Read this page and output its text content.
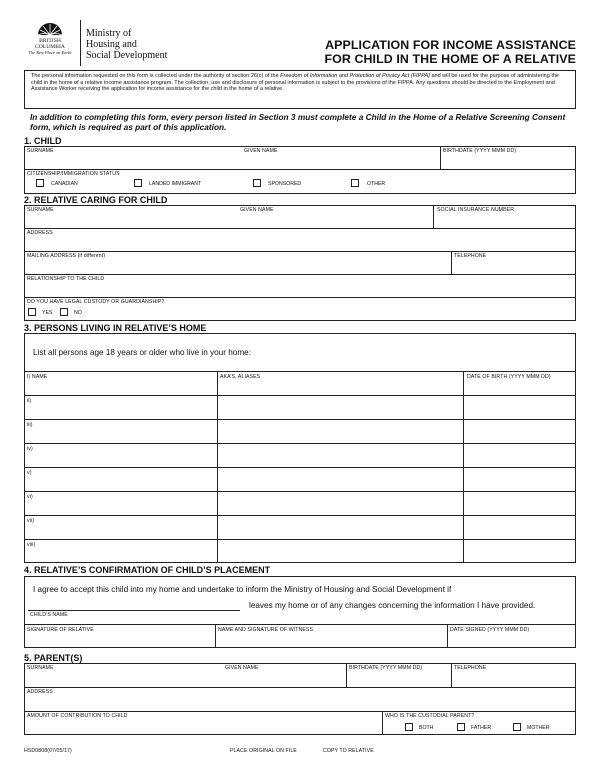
BRITISH
COLUMBIA
The Best Place on Earth
Ministry of
Housing and
Social Development
APPLICATION FOR INCOME ASSISTANCE
FOR CHILD IN THE HOME OF A RELATIVE
The personal information requested on this form is collected under the authority of section 26(c) of the Freedom of Information and Protection of Privacy Act (FIPPA) and will be used for the purpose of administering the child in the home of a relative income assistance program. The collection, use and disclosure of personal information is subject to the provisions of the FIPPA. Any questions should be directed to the Employment and Assistance Worker receiving the application for income assistance for the child in the home of a relative.
In addition to completing this form, every person listed in Section 3 must complete a Child in the Home of a Relative Screening Consent form, which is required as part of this application.
1. CHILD
SURNAME	GIVEN NAME	BIRTHDATE (YYYY MMM DD)
CITIZENSHIP/IMMIGRATION STATUS
CANADIAN	LANDED IMMIGRANT	SPONSORED	OTHER
2. RELATIVE CARING FOR CHILD
SURNAME	GIVEN NAME	SOCIAL INSURANCE NUMBER
ADDRESS
MAILING ADDRESS (if different)	TELEPHONE
RELATIONSHIP TO THE CHILD
DO YOU HAVE LEGAL CUSTODY OR GUARDIANSHIP?
YES	NO
3. PERSONS LIVING IN RELATIVE’S HOME
List all persons age 18 years or older who live in your home:
I) NAME	AKA’S, ALIASES	DATE OF BIRTH (YYYY MMM DD)
ii)
iii)
iv)
v)
vi)
vii)
viii)
4. RELATIVE’S CONFIRMATION OF CHILD’S PLACEMENT
I agree to accept this child into my home and undertake to inform the Ministry of Housing and Social Development if
CHILD’S NAME
leaves my home or of any changes concerning the information I have provided.
SIGNATURE OF RELATIVE	NAME AND SIGNATURE OF WITNESS	DATE SIGNED (YYYY MMM DD)
5. PARENT(S)
SURNAME	GIVEN NAME	BIRTHDATE (YYYY MMM DD)	TELEPHONE
ADDRESS
AMOUNT OF CONTRIBUTION TO CHILD	WHO IS THE CUSTODIAL PARENT?
BOTH	FATHER	MOTHER
HSD0808(07/05/17)	PLACE ORIGINAL ON FILE	COPY TO RELATIVE
